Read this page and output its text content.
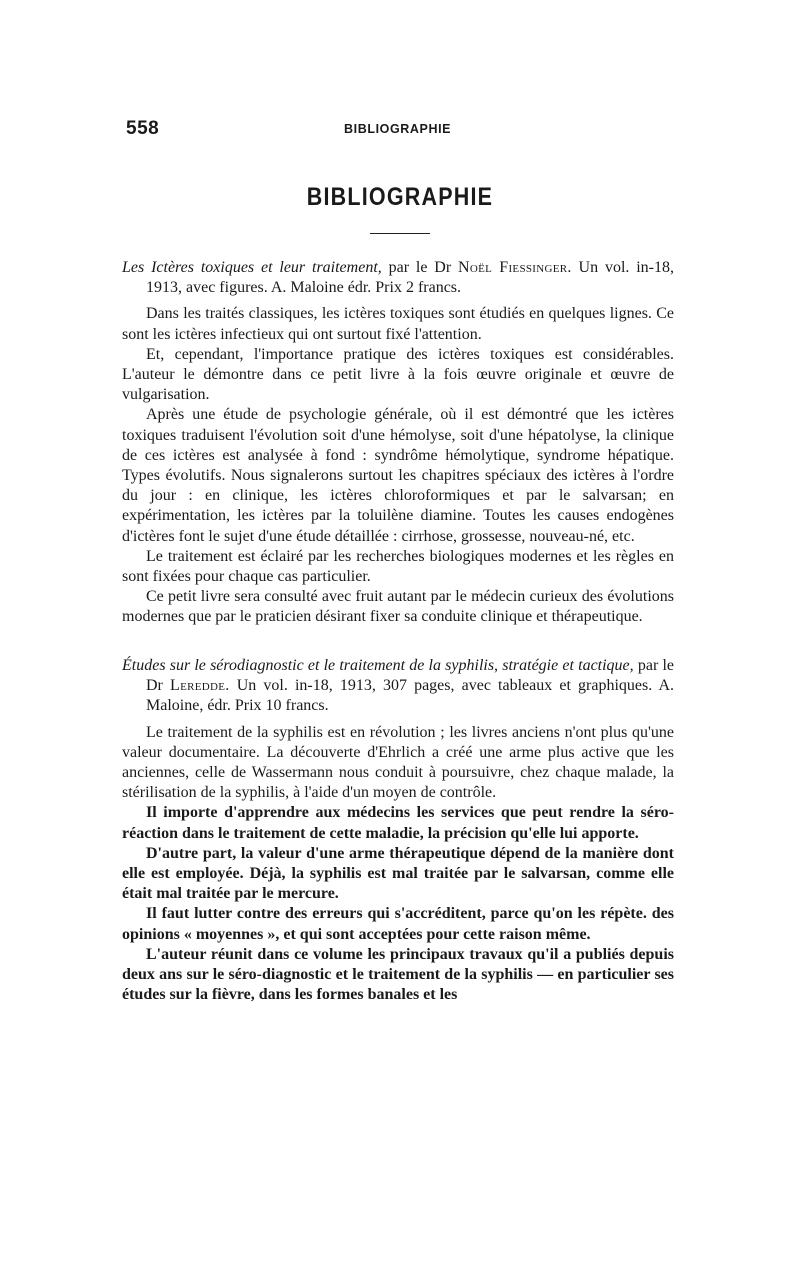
558	BIBLIOGRAPHIE
BIBLIOGRAPHIE

Les Ictères toxiques et leur traitement, par le Dr Noël Fiessinger. Un vol. in-18, 1913, avec figures. A. Maloine édr. Prix 2 francs.

Dans les traités classiques, les ictères toxiques sont étudiés en quelques lignes. Ce sont les ictères infectieux qui ont surtout fixé l'attention.

Et, cependant, l'importance pratique des ictères toxiques est considérables. L'auteur le démontre dans ce petit livre à la fois œuvre originale et œuvre de vulgarisation.

Après une étude de psychologie générale, où il est démontré que les ictères toxiques traduisent l'évolution soit d'une hémolyse, soit d'une hépatolyse, la clinique de ces ictères est analysée à fond : syndrôme hémolytique, syndrome hépatique. Types évolutifs. Nous signalerons surtout les chapitres spéciaux des ictères à l'ordre du jour : en clinique, les ictères chloroformiques et par le salvarsan; en expérimentation, les ictères par la toluilène diamine. Toutes les causes endogènes d'ictères font le sujet d'une étude détaillée : cirrhose, grossesse, nouveau-né, etc.

Le traitement est éclairé par les recherches biologiques modernes et les règles en sont fixées pour chaque cas particulier.

Ce petit livre sera consulté avec fruit autant par le médecin curieux des évolutions modernes que par le praticien désirant fixer sa conduite clinique et thérapeutique.

Études sur le sérodiagnostic et le traitement de la syphilis, stratégie et tactique, par le Dr Leredde. Un vol. in-18, 1913, 307 pages, avec tableaux et graphiques. A. Maloine, édr. Prix 10 francs.

Le traitement de la syphilis est en révolution ; les livres anciens n'ont plus qu'une valeur documentaire. La découverte d'Ehrlich a créé une arme plus active que les anciennes, celle de Wassermann nous conduit à poursuivre, chez chaque malade, la stérilisation de la syphilis, à l'aide d'un moyen de contrôle.

Il importe d'apprendre aux médecins les services que peut rendre la séro-réaction dans le traitement de cette maladie, la précision qu'elle lui apporte.

D'autre part, la valeur d'une arme thérapeutique dépend de la manière dont elle est employée. Déjà, la syphilis est mal traitée par le salvarsan, comme elle était mal traitée par le mercure.

Il faut lutter contre des erreurs qui s'accréditent, parce qu'on les répète. des opinions « moyennes », et qui sont acceptées pour cette raison même.

L'auteur réunit dans ce volume les principaux travaux qu'il a publiés depuis deux ans sur le séro-diagnostic et le traitement de la syphilis — en particulier ses études sur la fièvre, dans les formes banales et les
